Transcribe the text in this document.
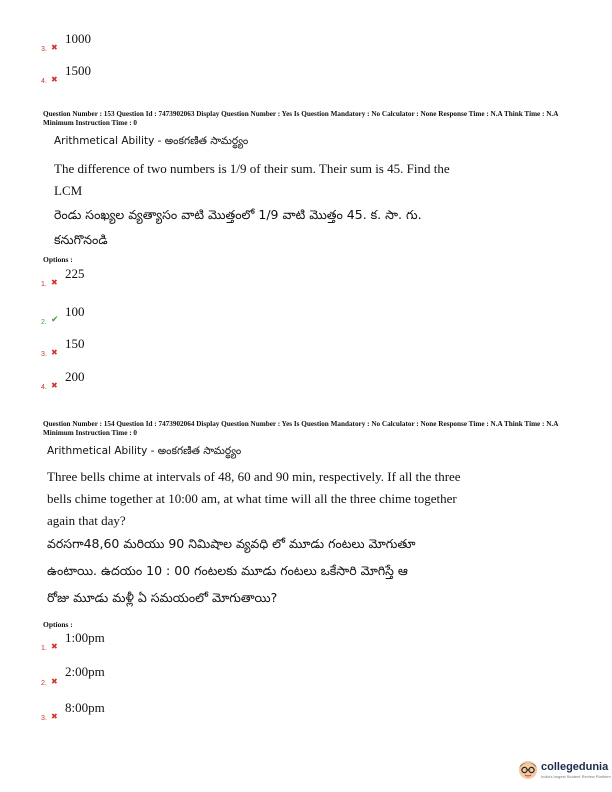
3. ✖
1000
4. ✖
1500
Question Number : 153 Question Id : 7473902063 Display Question Number : Yes Is Question Mandatory : No Calculator : None Response Time : N.A Think Time : N.A Minimum Instruction Time : 0
Arithmetical Ability - అంకగణిత సామర్థ్యం
The difference of two numbers is 1/9 of their sum. Their sum is 45. Find the
LCM
రెండు సంఖ్యల వ్యత్యాసం వాటి మొత్తంలో 1/9 వాటి మొత్తం 45. క. సా. గు.
కనుగొనండి
Options :
1. ✖
225
2. ✔
100
3. ✖
150
4. ✖
200
Question Number : 154 Question Id : 7473902064 Display Question Number : Yes Is Question Mandatory : No Calculator : None Response Time : N.A Think Time : N.A Minimum Instruction Time : 0
Arithmetical Ability - అంకగణిత సామర్థ్యం
Three bells chime at intervals of 48, 60 and 90 min, respectively. If all the three
bells chime together at 10:00 am, at what time will all the three chime together
again that day?
వరసగా48,60 మరియు 90 నిమిషాల వ్యవధి లో మూడు గంటలు మోగుతూ
ఉంటాయి. ఉదయం 10 : 00 గంటలకు మూడు గంటలు ఒకేసారి మోగిస్తే ఆ
రోజు మూడు మళ్లీ ఏ సమయంలో మోగుతాయి?
Options :
1. ✖
1:00pm
2. ✖
2:00pm
3. ✖
8:00pm
collegedunia
India's largest Student Review Platform
